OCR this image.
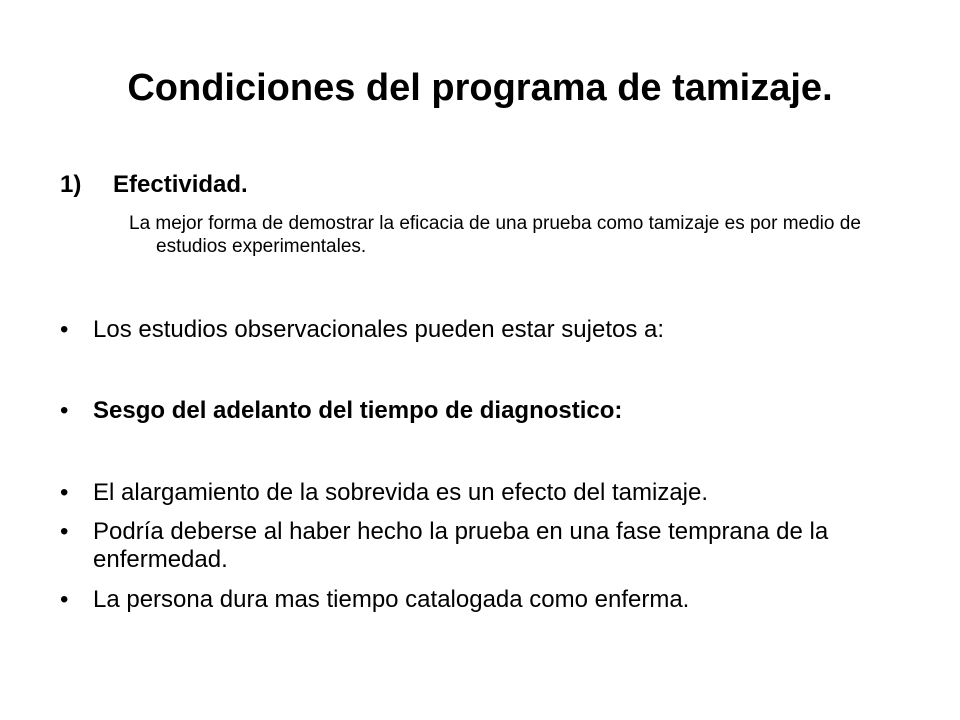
Condiciones del programa de tamizaje.
1) Efectividad.
La mejor forma de demostrar la eficacia de una prueba como tamizaje es por medio de estudios experimentales.
•	Los estudios observacionales pueden estar sujetos a:
•	Sesgo del adelanto del tiempo de diagnostico:
•	El alargamiento de la sobrevida es un efecto del tamizaje.
•	Podría deberse al haber hecho la prueba en una fase temprana de la enfermedad.
•	La persona dura mas tiempo catalogada como enferma.
